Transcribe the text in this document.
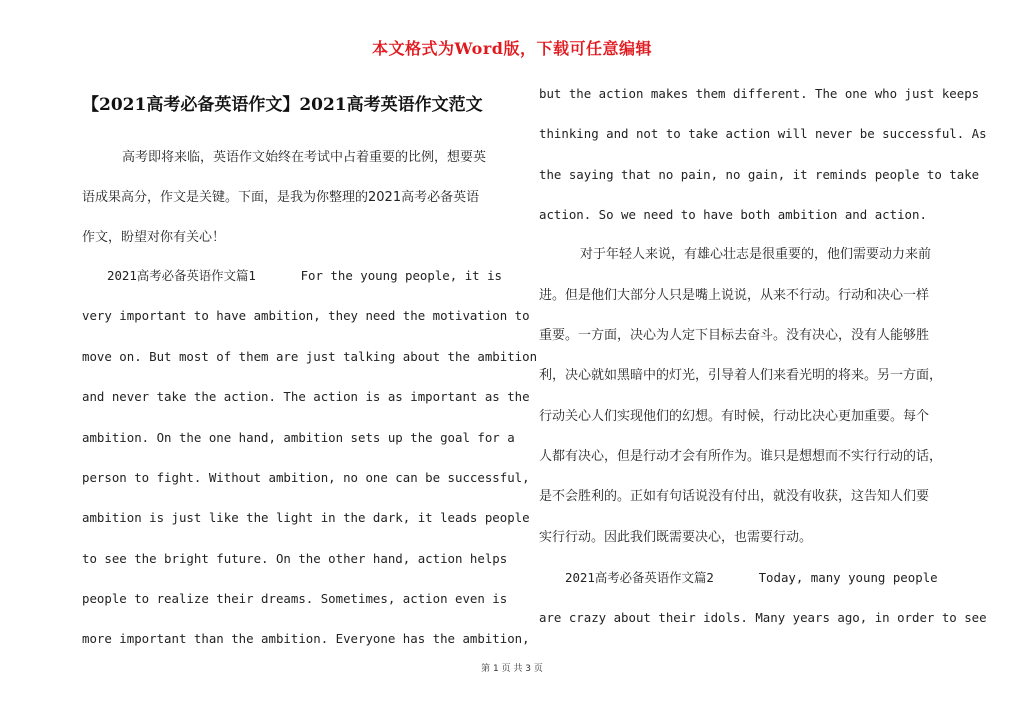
本文格式为Word版，下载可任意编辑
【2021高考必备英语作文】2021高考英语作文范文
高考即将来临，英语作文始终在考试中占着重要的比例，想要英
语成果高分，作文是关键。下面，是我为你整理的2021高考必备英语
作文，盼望对你有关心！
2021高考必备英语作文篇1      For the young people, it is
very important to have ambition, they need the motivation to
move on. But most of them are just talking about the ambition
and never take the action. The action is as important as the
ambition. On the one hand, ambition sets up the goal for a
person to fight. Without ambition, no one can be successful,
ambition is just like the light in the dark, it leads people
to see the bright future. On the other hand, action helps
people to realize their dreams. Sometimes, action even is
more important than the ambition. Everyone has the ambition,
but the action makes them different. The one who just keeps
thinking and not to take action will never be successful. As
the saying that no pain, no gain, it reminds people to take
action. So we need to have both ambition and action.
对于年轻人来说，有雄心壮志是很重要的，他们需要动力来前
进。但是他们大部分人只是嘴上说说，从来不行动。行动和决心一样
重要。一方面，决心为人定下目标去奋斗。没有决心，没有人能够胜
利，决心就如黑暗中的灯光，引导着人们来看光明的将来。另一方面，
行动关心人们实现他们的幻想。有时候，行动比决心更加重要。每个
人都有决心，但是行动才会有所作为。谁只是想想而不实行行动的话，
是不会胜利的。正如有句话说没有付出，就没有收获，这告知人们要
实行行动。因此我们既需要决心，也需要行动。
2021高考必备英语作文篇2      Today, many young people
are crazy about their idols. Many years ago, in order to see
第 1 页 共 3 页
